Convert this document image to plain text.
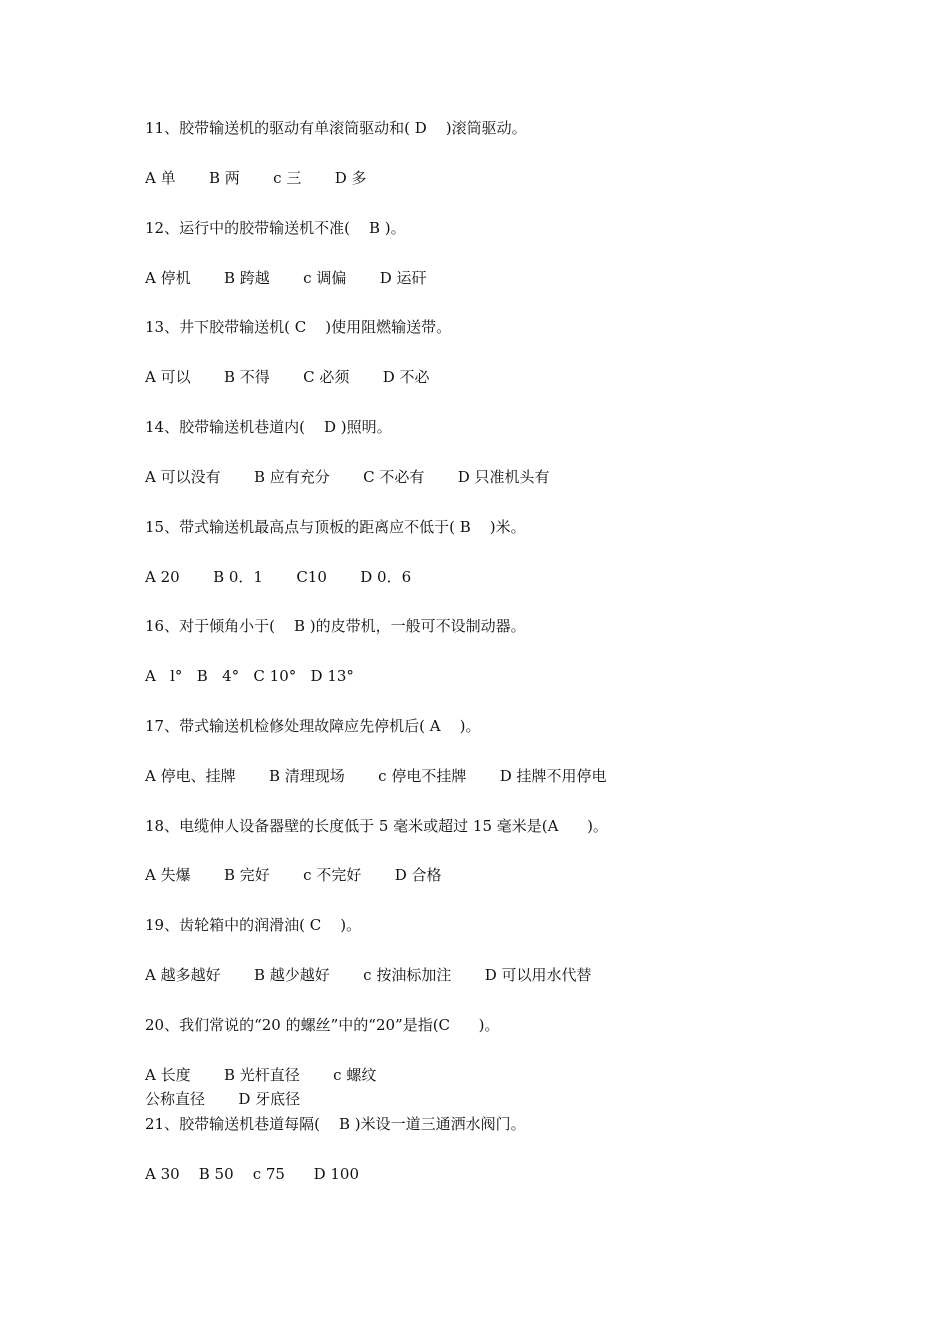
11、胶带输送机的驱动有单滚筒驱动和( D    )滚筒驱动。
A 单       B 两       c 三       D 多
12、运行中的胶带输送机不准(    B )。
A 停机       B 跨越       c 调偏       D 运矸
13、井下胶带输送机( C    )使用阻燃输送带。
A 可以       B 不得       C 必须       D 不必
14、胶带输送机巷道内(    D )照明。
A 可以没有       B 应有充分       C 不必有       D 只准机头有
15、带式输送机最高点与顶板的距离应不低于( B    )米。
A 20       B 0．1       C10       D 0．6
16、对于倾角小于(    B )的皮带机，一般可不设制动器。
A   l°   B   4°   C 10°   D 13°
17、带式输送机检修处理故障应先停机后( A    )。
A 停电、挂牌       B 清理现场       c 停电不挂牌       D 挂牌不用停电
18、电缆伸人设备器壁的长度低于 5 毫米或超过 15 毫米是(A      )。
A 失爆       B 完好       c 不完好       D 合格
19、齿轮箱中的润滑油( C    )。
A 越多越好       B 越少越好       c 按油标加注       D 可以用水代替
20、我们常说的“20 的螺丝”中的“20”是指(C      )。
A 长度       B 光杆直径       c 螺纹
公称直径       D 牙底径
21、胶带输送机巷道每隔(    B )米设一道三通洒水阀门。
A 30    B 50    c 75      D 100
